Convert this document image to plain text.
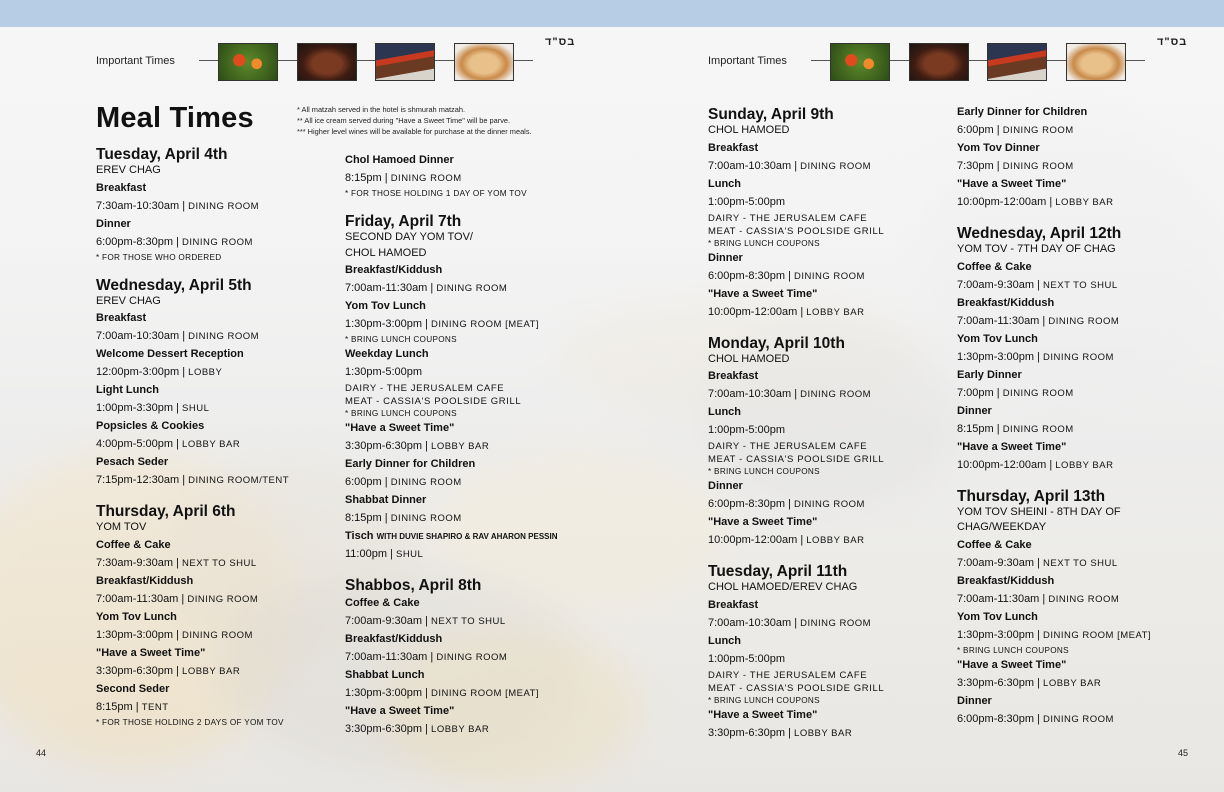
Important Times
בס"ד
Important Times
בס"ד
Meal Times	* All matzah served in the hotel is shmurah matzah.
** All ice cream served during "Have a Sweet Time" will be parve.
*** Higher level wines will be available for purchase at the dinner meals.
Tuesday, April 4th
EREV CHAG
Breakfast
7:30am-10:30am | DINING ROOM
Dinner
6:00pm-8:30pm | DINING ROOM
* FOR THOSE WHO ORDERED
Wednesday, April 5th
EREV CHAG
Breakfast
7:00am-10:30am | DINING ROOM
Welcome Dessert Reception
12:00pm-3:00pm | LOBBY
Light Lunch
1:00pm-3:30pm | SHUL
Popsicles & Cookies
4:00pm-5:00pm | LOBBY BAR
Pesach Seder
7:15pm-12:30am | DINING ROOM/TENT
Thursday, April 6th
YOM TOV
Coffee & Cake
7:30am-9:30am | NEXT TO SHUL
Breakfast/Kiddush
7:00am-11:30am | DINING ROOM
Yom Tov Lunch
1:30pm-3:00pm | DINING ROOM
"Have a Sweet Time"
3:30pm-6:30pm | LOBBY BAR
Second Seder
8:15pm | TENT
* FOR THOSE HOLDING 2 DAYS OF YOM TOV
Chol Hamoed Dinner
8:15pm | DINING ROOM
* FOR THOSE HOLDING 1 DAY OF YOM TOV
Friday, April 7th
SECOND DAY YOM TOV/
CHOL HAMOED
Breakfast/Kiddush
7:00am-11:30am | DINING ROOM
Yom Tov Lunch
1:30pm-3:00pm | DINING ROOM [MEAT]
* BRING LUNCH COUPONS
Weekday Lunch
1:30pm-5:00pm
DAIRY - THE JERUSALEM CAFE
MEAT - CASSIA'S POOLSIDE GRILL
* BRING LUNCH COUPONS
"Have a Sweet Time"
3:30pm-6:30pm | LOBBY BAR
Early Dinner for Children
6:00pm | DINING ROOM
Shabbat Dinner
8:15pm | DINING ROOM
Tisch WITH DUVIE SHAPIRO & RAV AHARON PESSIN
11:00pm | SHUL
Shabbos, April 8th
Coffee & Cake
7:00am-9:30am | NEXT TO SHUL
Breakfast/Kiddush
7:00am-11:30am | DINING ROOM
Shabbat Lunch
1:30pm-3:00pm | DINING ROOM [MEAT]
"Have a Sweet Time"
3:30pm-6:30pm | LOBBY BAR
Sunday, April 9th
CHOL HAMOED
Breakfast
7:00am-10:30am | DINING ROOM
Lunch
1:00pm-5:00pm
DAIRY - THE JERUSALEM CAFE
MEAT - CASSIA'S POOLSIDE GRILL
* BRING LUNCH COUPONS
Dinner
6:00pm-8:30pm | DINING ROOM
"Have a Sweet Time"
10:00pm-12:00am | LOBBY BAR
Monday, April 10th
CHOL HAMOED
Breakfast
7:00am-10:30am | DINING ROOM
Lunch
1:00pm-5:00pm
DAIRY - THE JERUSALEM CAFE
MEAT - CASSIA'S POOLSIDE GRILL
* BRING LUNCH COUPONS
Dinner
6:00pm-8:30pm | DINING ROOM
"Have a Sweet Time"
10:00pm-12:00am | LOBBY BAR
Tuesday, April 11th
CHOL HAMOED/EREV CHAG
Breakfast
7:00am-10:30am | DINING ROOM
Lunch
1:00pm-5:00pm
DAIRY - THE JERUSALEM CAFE
MEAT - CASSIA'S POOLSIDE GRILL
* BRING LUNCH COUPONS
"Have a Sweet Time"
3:30pm-6:30pm | LOBBY BAR
Early Dinner for Children
6:00pm | DINING ROOM
Yom Tov Dinner
7:30pm | DINING ROOM
"Have a Sweet Time"
10:00pm-12:00am | LOBBY BAR
Wednesday, April 12th
YOM TOV - 7TH DAY OF CHAG
Coffee & Cake
7:00am-9:30am | NEXT TO SHUL
Breakfast/Kiddush
7:00am-11:30am | DINING ROOM
Yom Tov Lunch
1:30pm-3:00pm | DINING ROOM
Early Dinner
7:00pm | DINING ROOM
Dinner
8:15pm | DINING ROOM
"Have a Sweet Time"
10:00pm-12:00am | LOBBY BAR
Thursday, April 13th
YOM TOV SHEINI - 8TH DAY OF
CHAG/WEEKDAY
Coffee & Cake
7:00am-9:30am | NEXT TO SHUL
Breakfast/Kiddush
7:00am-11:30am | DINING ROOM
Yom Tov Lunch
1:30pm-3:00pm | DINING ROOM [MEAT]
* BRING LUNCH COUPONS
"Have a Sweet Time"
3:30pm-6:30pm | LOBBY BAR
Dinner
6:00pm-8:30pm | DINING ROOM
44	45
